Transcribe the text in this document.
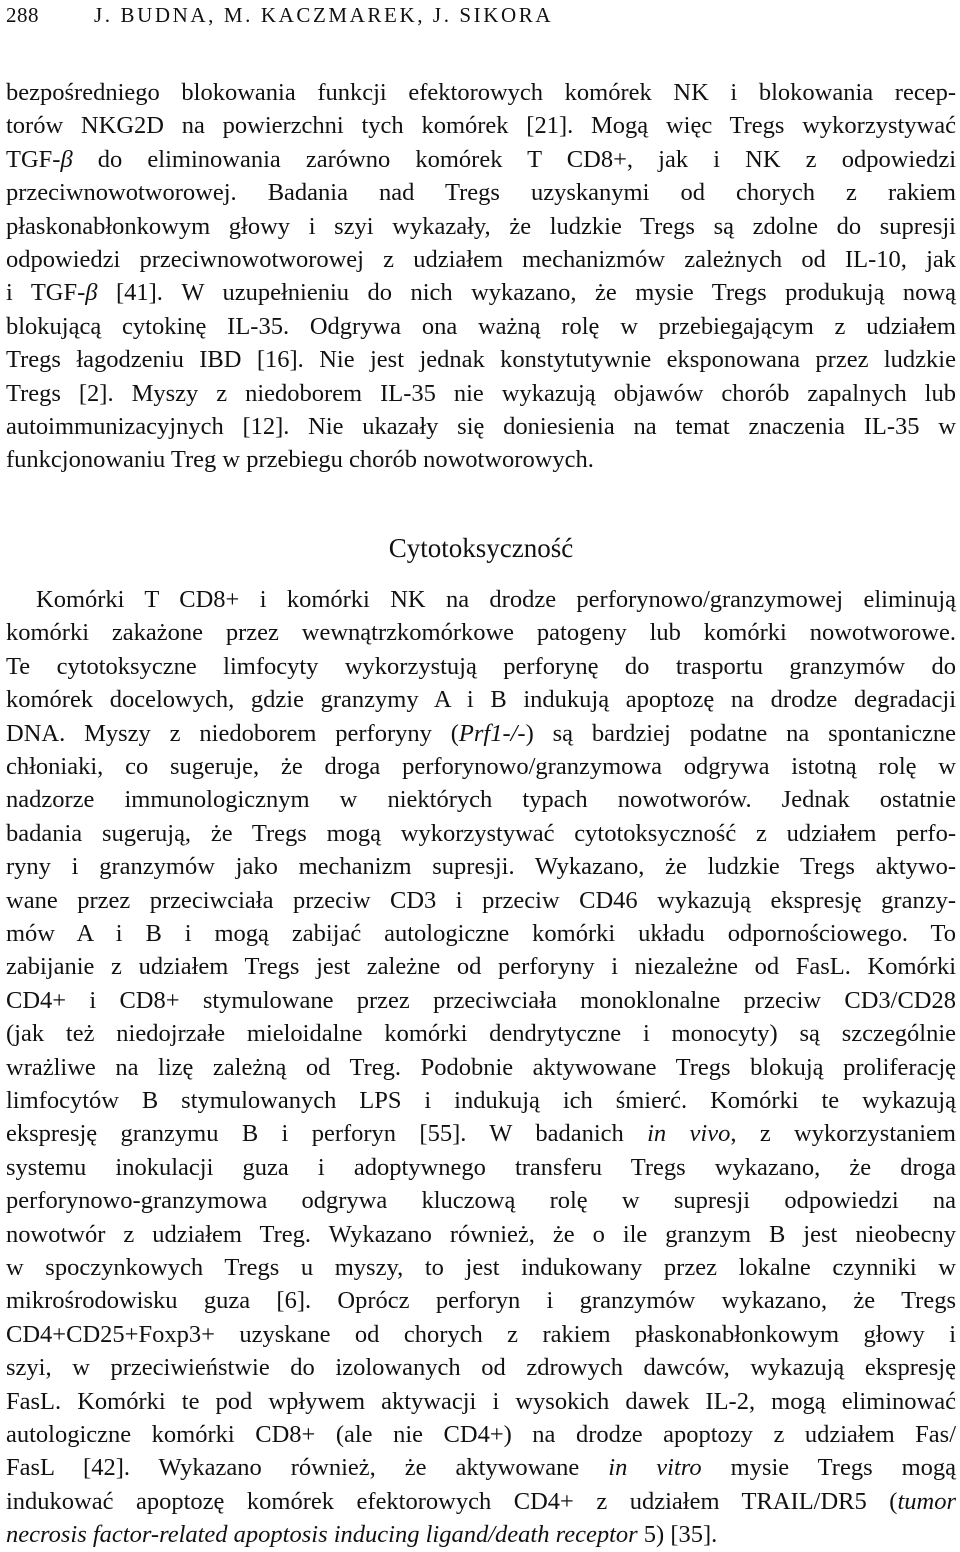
288	J. BUDNA, M. KACZMAREK, J. SIKORA

bezpośredniego blokowania funkcji efektorowych komórek NK i blokowania recep-

torów NKG2D na powierzchni tych komórek [21]. Mogą więc Tregs wykorzystywać

TGF-β do eliminowania zarówno komórek T CD8+, jak i NK z odpowiedzi

przeciwnowotworowej. Badania nad Tregs uzyskanymi od chorych z rakiem

płaskonabłonkowym głowy i szyi wykazały, że ludzkie Tregs są zdolne do supresji

odpowiedzi przeciwnowotworowej z udziałem mechanizmów zależnych od IL-10, jak

i TGF-β [41]. W uzupełnieniu do nich wykazano, że mysie Tregs produkują nową

blokującą cytokinę IL-35. Odgrywa ona ważną rolę w przebiegającym z udziałem

Tregs łagodzeniu IBD [16]. Nie jest jednak konstytutywnie eksponowana przez ludzkie

Tregs [2]. Myszy z niedoborem IL-35 nie wykazują objawów chorób zapalnych lub

autoimmunizacyjnych [12]. Nie ukazały się doniesienia na temat znaczenia IL-35 w

funkcjonowaniu Treg w przebiegu chorób nowotworowych.

Cytotoksyczność

Komórki T CD8+ i komórki NK na drodze perforynowo/granzymowej eliminują

komórki zakażone przez wewnątrzkomórkowe patogeny lub komórki nowotworowe.

Te cytotoksyczne limfocyty wykorzystują perforynę do trasportu granzymów do

komórek docelowych, gdzie granzymy A i B indukują apoptozę na drodze degradacji

DNA. Myszy z niedoborem perforyny (Prf1-/-) są bardziej podatne na spontaniczne

chłoniaki, co sugeruje, że droga perforynowo/granzymowa odgrywa istotną rolę w

nadzorze immunologicznym w niektórych typach nowotworów. Jednak ostatnie

badania sugerują, że Tregs mogą wykorzystywać cytotoksyczność z udziałem perfo-

ryny i granzymów jako mechanizm supresji. Wykazano, że ludzkie Tregs aktywo-

wane przez przeciwciała przeciw CD3 i przeciw CD46 wykazują ekspresję granzy-

mów A i B i mogą zabijać autologiczne komórki układu odpornościowego. To

zabijanie z udziałem Tregs jest zależne od perforyny i niezależne od FasL. Komórki

CD4+ i CD8+ stymulowane przez przeciwciała monoklonalne przeciw CD3/CD28

(jak też niedojrzałe mieloidalne komórki dendrytyczne i monocyty) są szczególnie

wrażliwe na lizę zależną od Treg. Podobnie aktywowane Tregs blokują proliferację

limfocytów B stymulowanych LPS i indukują ich śmierć. Komórki te wykazują

ekspresję granzymu B i perforyn [55]. W badanich in vivo, z wykorzystaniem

systemu inokulacji guza i adoptywnego transferu Tregs wykazano, że droga

perforynowo-granzymowa odgrywa kluczową rolę w supresji odpowiedzi na

nowotwór z udziałem Treg. Wykazano również, że o ile granzym B jest nieobecny

w spoczynkowych Tregs u myszy, to jest indukowany przez lokalne czynniki w

mikrośrodowisku guza [6]. Oprócz perforyn i granzymów wykazano, że Tregs

CD4+CD25+Foxp3+ uzyskane od chorych z rakiem płaskonabłonkowym głowy i

szyi, w przeciwieństwie do izolowanych od zdrowych dawców, wykazują ekspresję

FasL. Komórki te pod wpływem aktywacji i wysokich dawek IL-2, mogą eliminować

autologiczne komórki CD8+ (ale nie CD4+) na drodze apoptozy z udziałem Fas/

FasL [42]. Wykazano również, że aktywowane in vitro mysie Tregs mogą

indukować apoptozę komórek efektorowych CD4+ z udziałem TRAIL/DR5 (tumor

necrosis factor-related apoptosis inducing ligand/death receptor 5) [35].
